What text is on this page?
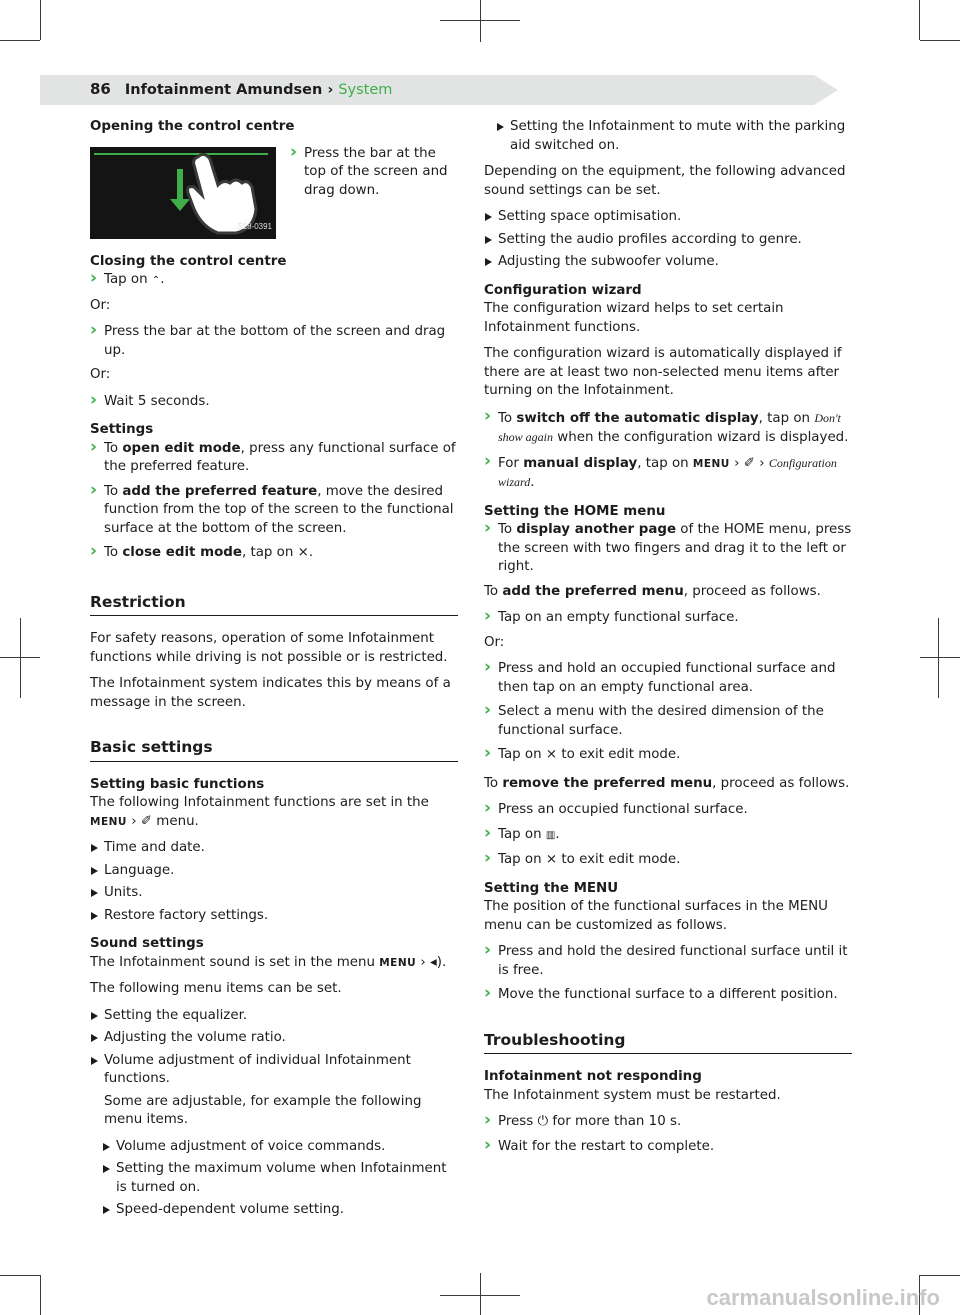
86 Infotainment Amundsen › System

Opening the control centre

S18-0391
› Press the bar at the top of the screen and drag down.

Closing the control centre

› Tap on ⌃.

Or:

› Press the bar at the bottom of the screen and drag up.

Or:

› Wait 5 seconds.

Settings

› To open edit mode, press any functional surface of the preferred feature.
› To add the preferred feature, move the desired function from the top of the screen to the functional surface at the bottom of the screen.
› To close edit mode, tap on ×.
Restriction

For safety reasons, operation of some Infotainment functions while driving is not possible or is restricted.

The Infotainment system indicates this by means of a message in the screen.

Basic settings

Setting basic functions

The following Infotainment functions are set in the
MENU › ✐ menu.

Time and date.
Language.
Units.
Restore factory settings.

Sound settings

The Infotainment sound is set in the menu MENU › ◂).

The following menu items can be set.

Setting the equalizer.
Adjusting the volume ratio.
Volume adjustment of individual Infotainment functions.

Some are adjustable, for example the following menu items.

Volume adjustment of voice commands.
Setting the maximum volume when Infotainment is turned on.
Speed-dependent volume setting.
Setting the Infotainment to mute with the parking aid switched on.

Depending on the equipment, the following advanced sound settings can be set.

Setting space optimisation.
Setting the audio profiles according to genre.
Adjusting the subwoofer volume.

Configuration wizard

The configuration wizard helps to set certain Infotainment functions.

The configuration wizard is automatically displayed if there are at least two non-selected menu items after turning on the Infotainment.

› To switch off the automatic display, tap on Don't show again when the configuration wizard is displayed.
› For manual display, tap on MENU › ✐ › Configuration wizard.

Setting the HOME menu

› To display another page of the HOME menu, press the screen with two fingers and drag it to the left or right.

To add the preferred menu, proceed as follows.

› Tap on an empty functional surface.

Or:

› Press and hold an occupied functional surface and then tap on an empty functional area.
› Select a menu with the desired dimension of the functional surface.
› Tap on × to exit edit mode.

To remove the preferred menu, proceed as follows.

› Press an occupied functional surface.
› Tap on ▥.
› Tap on × to exit edit mode.

Setting the MENU

The position of the functional surfaces in the MENU menu can be customized as follows.

› Press and hold the desired functional surface until it is free.
› Move the functional surface to a different position.
Troubleshooting

Infotainment not responding

The Infotainment system must be restarted.

› Press ⏻ for more than 10 s.
› Wait for the restart to complete.
carmanualsonline.info
